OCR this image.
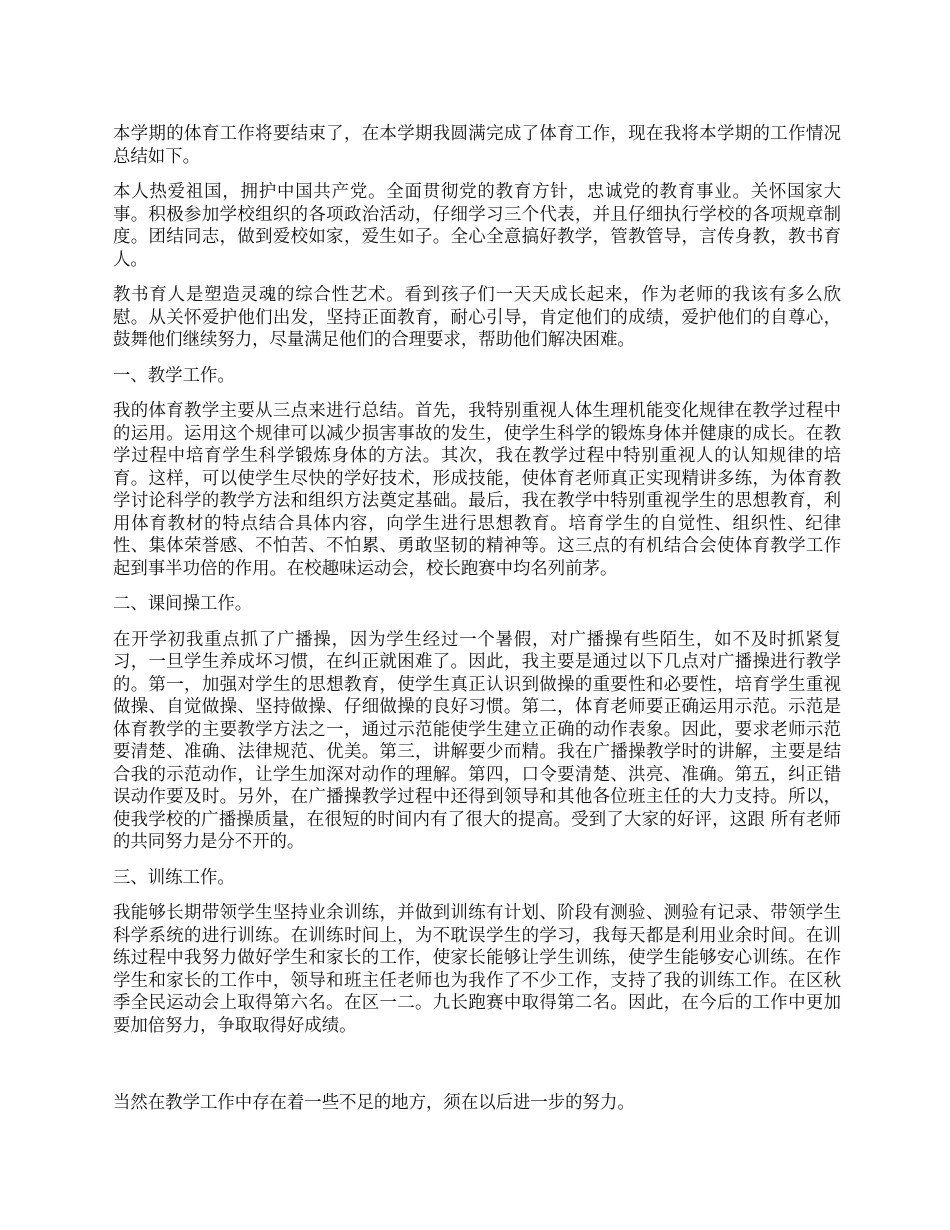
本学期的体育工作将要结束了，在本学期我圆满完成了体育工作，现在我将本学期的工作情况总结如下。

本人热爱祖国，拥护中国共产党。全面贯彻党的教育方针，忠诚党的教育事业。关怀国家大事。积极参加学校组织的各项政治活动，仔细学习三个代表，并且仔细执行学校的各项规章制度。团结同志，做到爱校如家，爱生如子。全心全意搞好教学，管教管导，言传身教，教书育人。

教书育人是塑造灵魂的综合性艺术。看到孩子们一天天成长起来，作为老师的我该有多么欣慰。从关怀爱护他们出发，坚持正面教育，耐心引导，肯定他们的成绩，爱护他们的自尊心，鼓舞他们继续努力，尽量满足他们的合理要求，帮助他们解决困难。

一、教学工作。

我的体育教学主要从三点来进行总结。首先，我特别重视人体生理机能变化规律在教学过程中的运用。运用这个规律可以减少损害事故的发生，使学生科学的锻炼身体并健康的成长。在教学过程中培育学生科学锻炼身体的方法。其次，我在教学过程中特别重视人的认知规律的培育。这样，可以使学生尽快的学好技术，形成技能，使体育老师真正实现精讲多练，为体育教学讨论科学的教学方法和组织方法奠定基础。最后，我在教学中特别重视学生的思想教育，利用体育教材的特点结合具体内容，向学生进行思想教育。培育学生的自觉性、组织性、纪律性、集体荣誉感、不怕苦、不怕累、勇敢坚韧的精神等。这三点的有机结合会使体育教学工作起到事半功倍的作用。在校趣味运动会，校长跑赛中均名列前茅。

二、课间操工作。

在开学初我重点抓了广播操，因为学生经过一个暑假，对广播操有些陌生，如不及时抓紧复习，一旦学生养成坏习惯，在纠正就困难了。因此，我主要是通过以下几点对广播操进行教学的。第一，加强对学生的思想教育，使学生真正认识到做操的重要性和必要性，培育学生重视做操、自觉做操、坚持做操、仔细做操的良好习惯。第二，体育老师要正确运用示范。示范是体育教学的主要教学方法之一，通过示范能使学生建立正确的动作表象。因此，要求老师示范要清楚、准确、法律规范、优美。第三，讲解要少而精。我在广播操教学时的讲解，主要是结合我的示范动作，让学生加深对动作的理解。第四，口令要清楚、洪亮、准确。第五，纠正错误动作要及时。另外，在广播操教学过程中还得到领导和其他各位班主任的大力支持。所以，使我学校的广播操质量，在很短的时间内有了很大的提高。受到了大家的好评，这跟 所有老师的共同努力是分不开的。

三、训练工作。

我能够长期带领学生坚持业余训练，并做到训练有计划、阶段有测验、测验有记录、带领学生科学系统的进行训练。在训练时间上，为不耽误学生的学习，我每天都是利用业余时间。在训练过程中我努力做好学生和家长的工作，使家长能够让学生训练，使学生能够安心训练。在作学生和家长的工作中，领导和班主任老师也为我作了不少工作，支持了我的训练工作。在区秋季全民运动会上取得第六名。在区一二。九长跑赛中取得第二名。因此，在今后的工作中更加要加倍努力，争取取得好成绩。

当然在教学工作中存在着一些不足的地方，须在以后进一步的努力。
